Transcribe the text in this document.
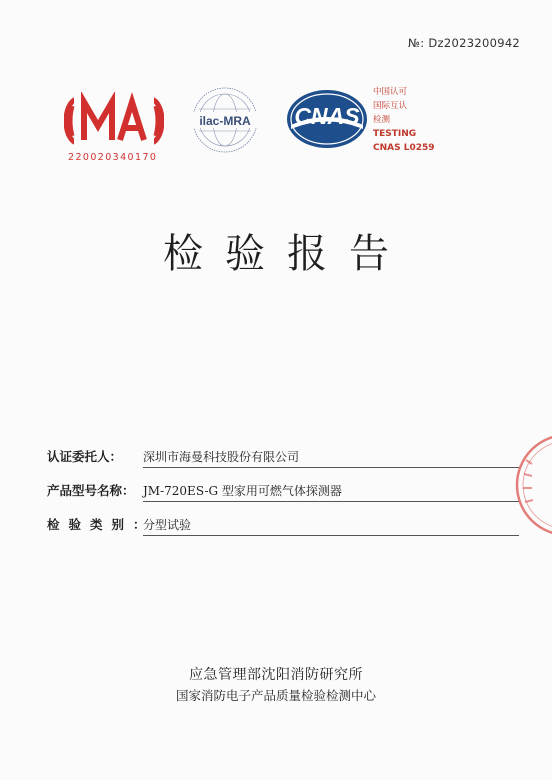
№: Dz2023200942
220020340170
ilac-MRA CNAS
中国认可
国际互认
检测
TESTING
CNAS L0259
检验报告
认证委托人：	深圳市海曼科技股份有限公司
产品型号名称： JM-720ES-G 型家用可燃气体探测器
检验类别：
分型试验
应急管理部沈阳消防研究所
国家消防电子产品质量检验检测中心
